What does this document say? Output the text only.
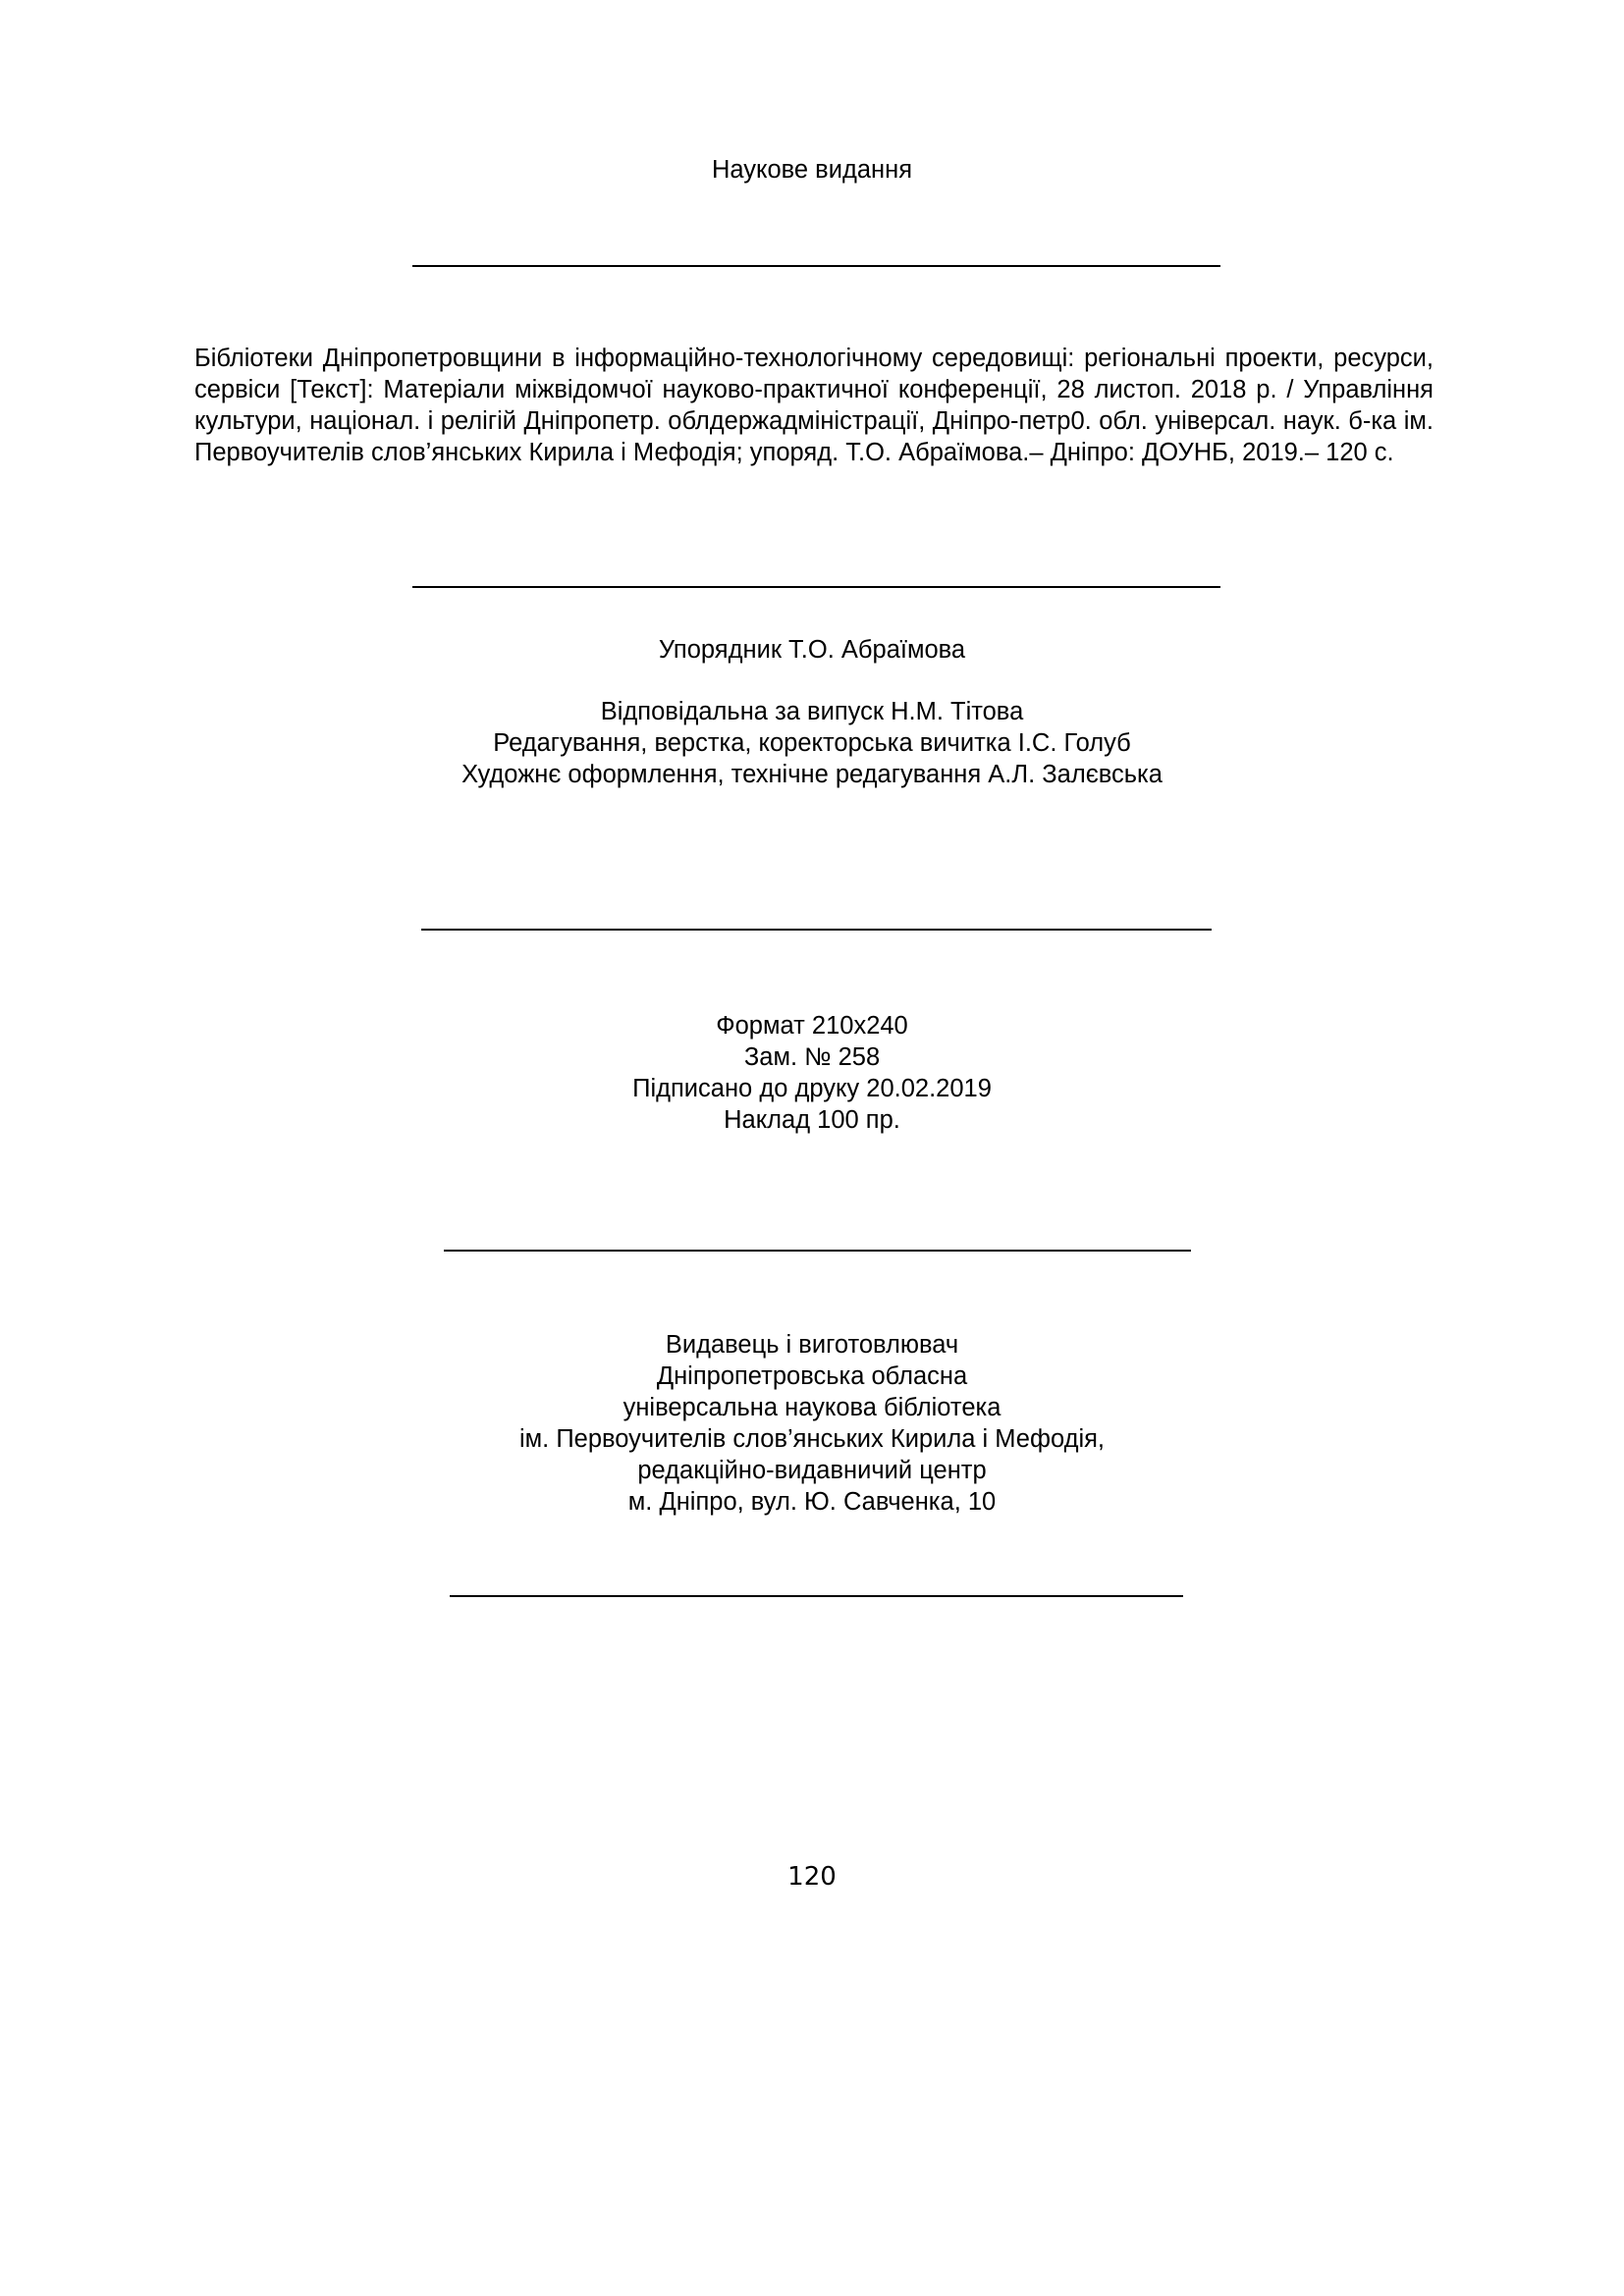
Наукове видання
Бібліотеки Дніпропетровщини в інформаційно-технологічному середовищі: регіональні проекти, ресурси, сервіси [Текст]: Матеріали міжвідомчої науково-практичної конференції, 28 листоп. 2018 р. / Управління культури, націонал. і релігій Дніпропетр. облдержадміністрації, Дніпро-петр0. обл. універсал. наук. б-ка ім. Первоучителів слов’янських Кирила і Мефодія; упоряд. Т.О. Абраїмова.– Дніпро: ДОУНБ, 2019.– 120 с.
Упорядник Т.О. Абраїмова
Відповідальна за випуск Н.М. Тітова
Редагування, верстка, коректорська вичитка І.С. Голуб
Художнє оформлення, технічне редагування А.Л. Залєвська
Формат 210х240
Зам. № 258
Підписано до друку 20.02.2019
Наклад 100 пр.
Видавець і виготовлювач
Дніпропетровська обласна
універсальна наукова бібліотека
ім. Первоучителів слов’янських Кирила і Мефодія,
редакційно-видавничий центр
м. Дніпро, вул. Ю. Савченка, 10
120
